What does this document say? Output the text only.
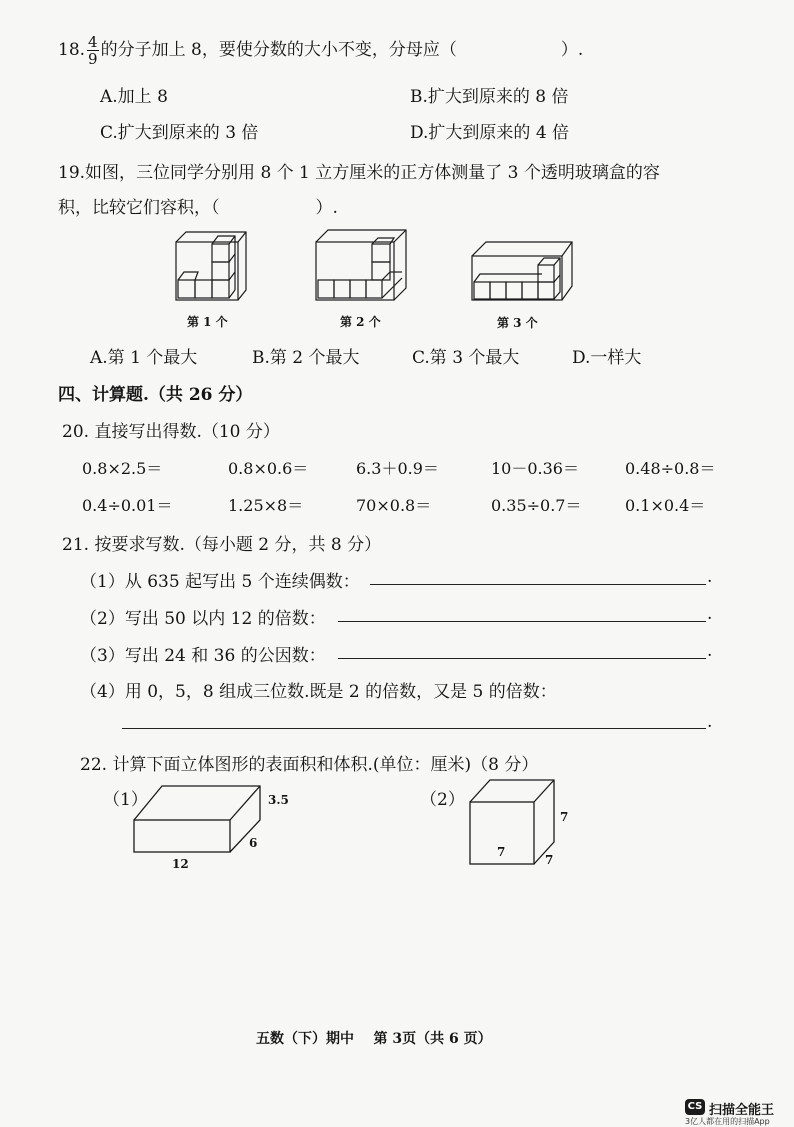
18. $\frac{4}{9}$ 的分子加上 8，要使分数的大小不变，分母应（	）.
A.加上 8	B.扩大到原来的 8 倍
C.扩大到原来的 3 倍	D.扩大到原来的 4 倍
19.如图，三位同学分别用 8 个 1 立方厘米的正方体测量了 3 个透明玻璃盒的容
积，比较它们容积，（	）.
第 1 个	第 2 个	第 3 个
A.第 1 个最大	B.第 2 个最大	C.第 3 个最大	D.一样大
四、计算题.（共 26 分）
20. 直接写出得数.（10 分）
0.8×2.5＝	0.8×0.6＝	6.3＋0.9＝	10－0.36＝	0.48÷0.8＝
0.4÷0.01＝	1.25×8＝	70×0.8＝	0.35÷0.7＝	0.1×0.4＝
21. 按要求写数.（每小题 2 分，共 8 分）
（1）从 635 起写出 5 个连续偶数：	.
（2）写出 50 以内 12 的倍数：	.
（3）写出 24 和 36 的公因数：	.
（4）用 0，5，8 组成三位数.既是 2 的倍数，又是 5 的倍数：
.
22. 计算下面立体图形的表面积和体积.(单位：厘米)（8 分）
（1）	3.5
6
12
（2）
7
7
7
五数（下）期中    第 3页（共 6 页）
CS 扫描全能王
3亿人都在用的扫描App
